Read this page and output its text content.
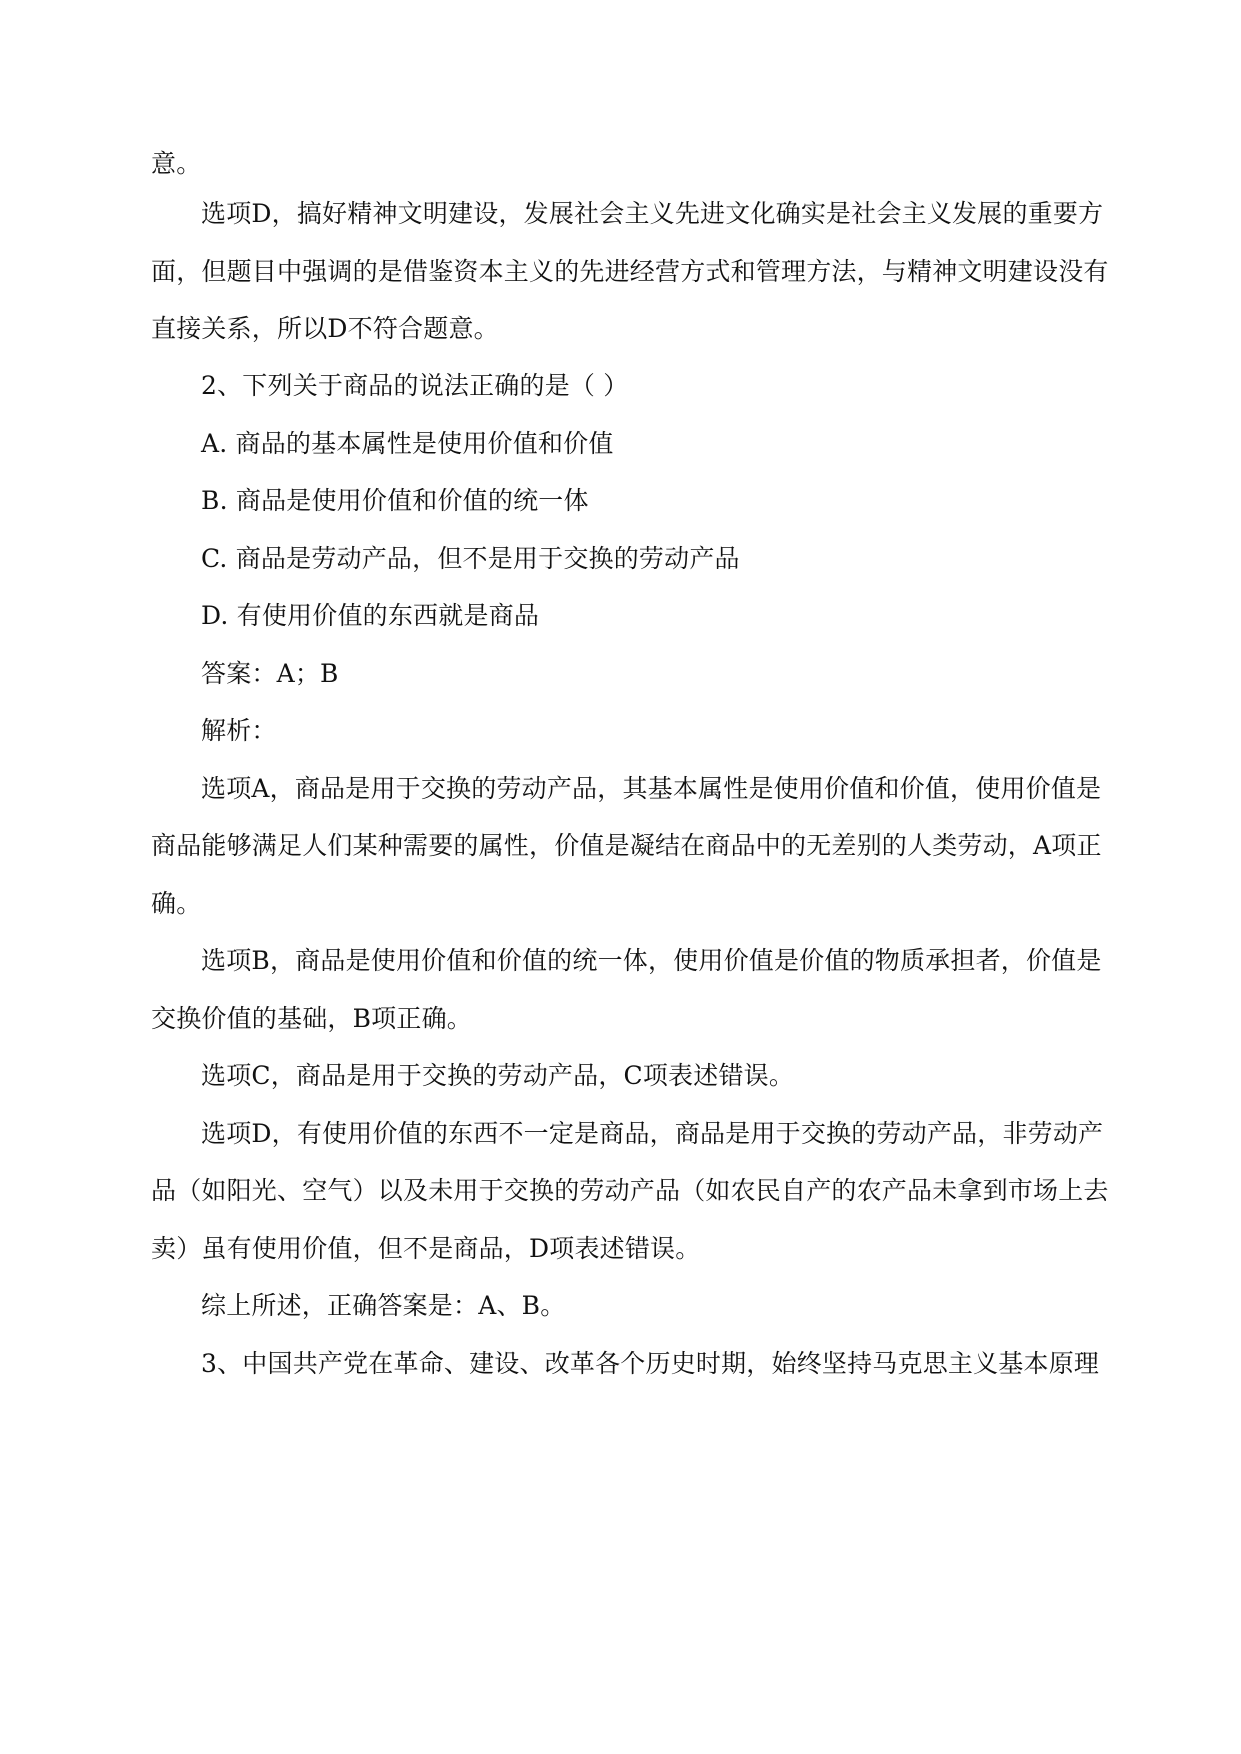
意。
选项D，搞好精神文明建设，发展社会主义先进文化确实是社会主义发展的重要方
面，但题目中强调的是借鉴资本主义的先进经营方式和管理方法，与精神文明建设没有
直接关系，所以D不符合题意。
2、下列关于商品的说法正确的是（ ）
A. 商品的基本属性是使用价值和价值
B. 商品是使用价值和价值的统一体
C. 商品是劳动产品，但不是用于交换的劳动产品
D. 有使用价值的东西就是商品
答案：A；B
解析：
选项A，商品是用于交换的劳动产品，其基本属性是使用价值和价值，使用价值是
商品能够满足人们某种需要的属性，价值是凝结在商品中的无差别的人类劳动，A项正
确。
选项B，商品是使用价值和价值的统一体，使用价值是价值的物质承担者，价值是
交换价值的基础，B项正确。
选项C，商品是用于交换的劳动产品，C项表述错误。
选项D，有使用价值的东西不一定是商品，商品是用于交换的劳动产品，非劳动产
品（如阳光、空气）以及未用于交换的劳动产品（如农民自产的农产品未拿到市场上去
卖）虽有使用价值，但不是商品，D项表述错误。
综上所述，正确答案是：A、B。
3、中国共产党在革命、建设、改革各个历史时期，始终坚持马克思主义基本原理
